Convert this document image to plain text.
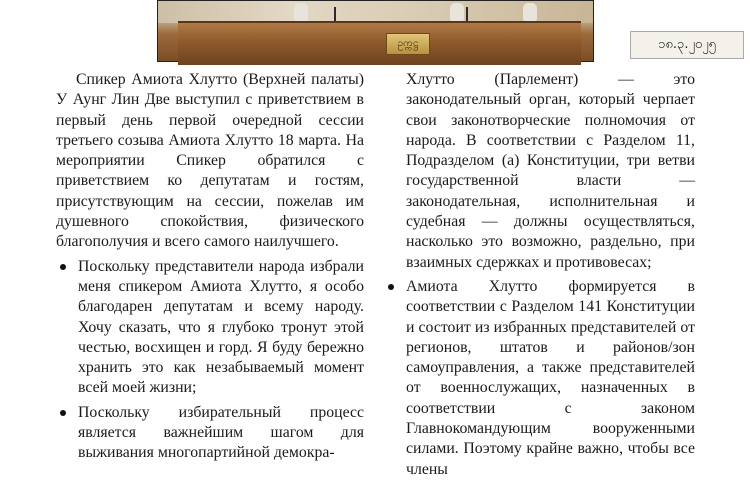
ဥက္ကဋ္ဌ	၁၈.၃.၂၀၂၅

Спикер Амиота Хлутто (Верхней палаты) У Аунг Лин Две выступил с приветствием в первый день первой очередной сессии третьего созыва Амиота Хлутто 18 марта. На мероприятии Спикер обратился с приветствием ко депутатам и гостям, присутствующим на сессии, пожелав им душевного спокойствия, физического благополучия и всего самого наилучшего.

Поскольку представители народа избрали меня спикером Амиота Хлутто, я особо благодарен депутатам и всему народу. Хочу сказать, что я глубоко тронут этой честью, восхищен и горд. Я буду бережно хранить это как незабываемый момент всей моей жизни;
Поскольку избирательный процесс является важнейшим шагом для выживания многопартийной демокра-

Хлутто (Парлемент) — это законодательный орган, который черпает свои законотворческие полномочия от народа. В соответствии с Разделом 11, Подразделом (а) Конституции, три ветви государственной власти — законодательная, исполнительная и судебная — должны осуществляться, насколько это возможно, раздельно, при взаимных сдержках и противовесах;

Амиота Хлутто формируется в соответствии с Разделом 141 Конституции и состоит из избранных представителей от регионов, штатов и районов/зон самоуправления, а также представителей от военнослужащих, назначенных в соответствии с законом Главнокомандующим вооруженными силами. Поэтому крайне важно, чтобы все члены
